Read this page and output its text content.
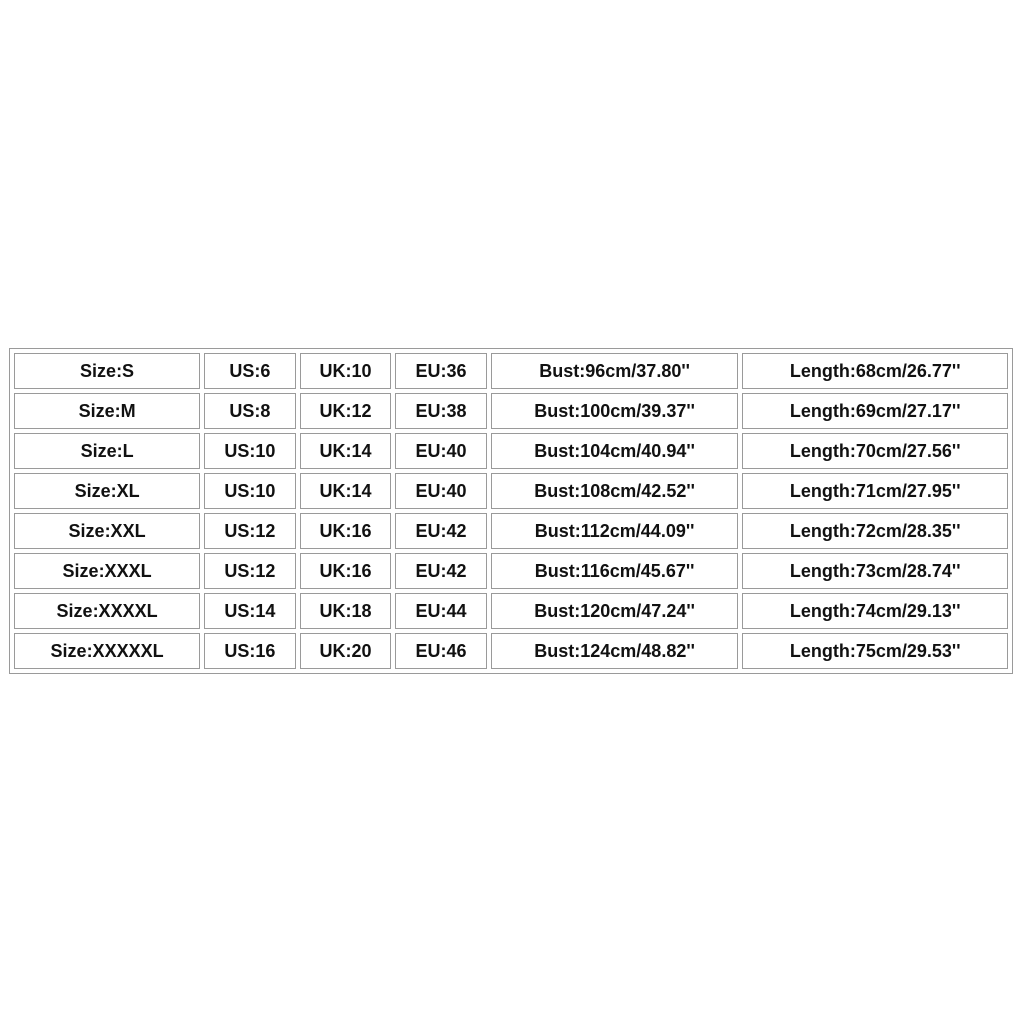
Size:S	US:6	UK:10	EU:36	Bust:96cm/37.80''	Length:68cm/26.77''
Size:M	US:8	UK:12	EU:38	Bust:100cm/39.37''	Length:69cm/27.17''
Size:L	US:10	UK:14	EU:40	Bust:104cm/40.94''	Length:70cm/27.56''
Size:XL	US:10	UK:14	EU:40	Bust:108cm/42.52''	Length:71cm/27.95''
Size:XXL	US:12	UK:16	EU:42	Bust:112cm/44.09''	Length:72cm/28.35''
Size:XXXL	US:12	UK:16	EU:42	Bust:116cm/45.67''	Length:73cm/28.74''
Size:XXXXL	US:14	UK:18	EU:44	Bust:120cm/47.24''	Length:74cm/29.13''
Size:XXXXXL	US:16	UK:20	EU:46	Bust:124cm/48.82''	Length:75cm/29.53''
